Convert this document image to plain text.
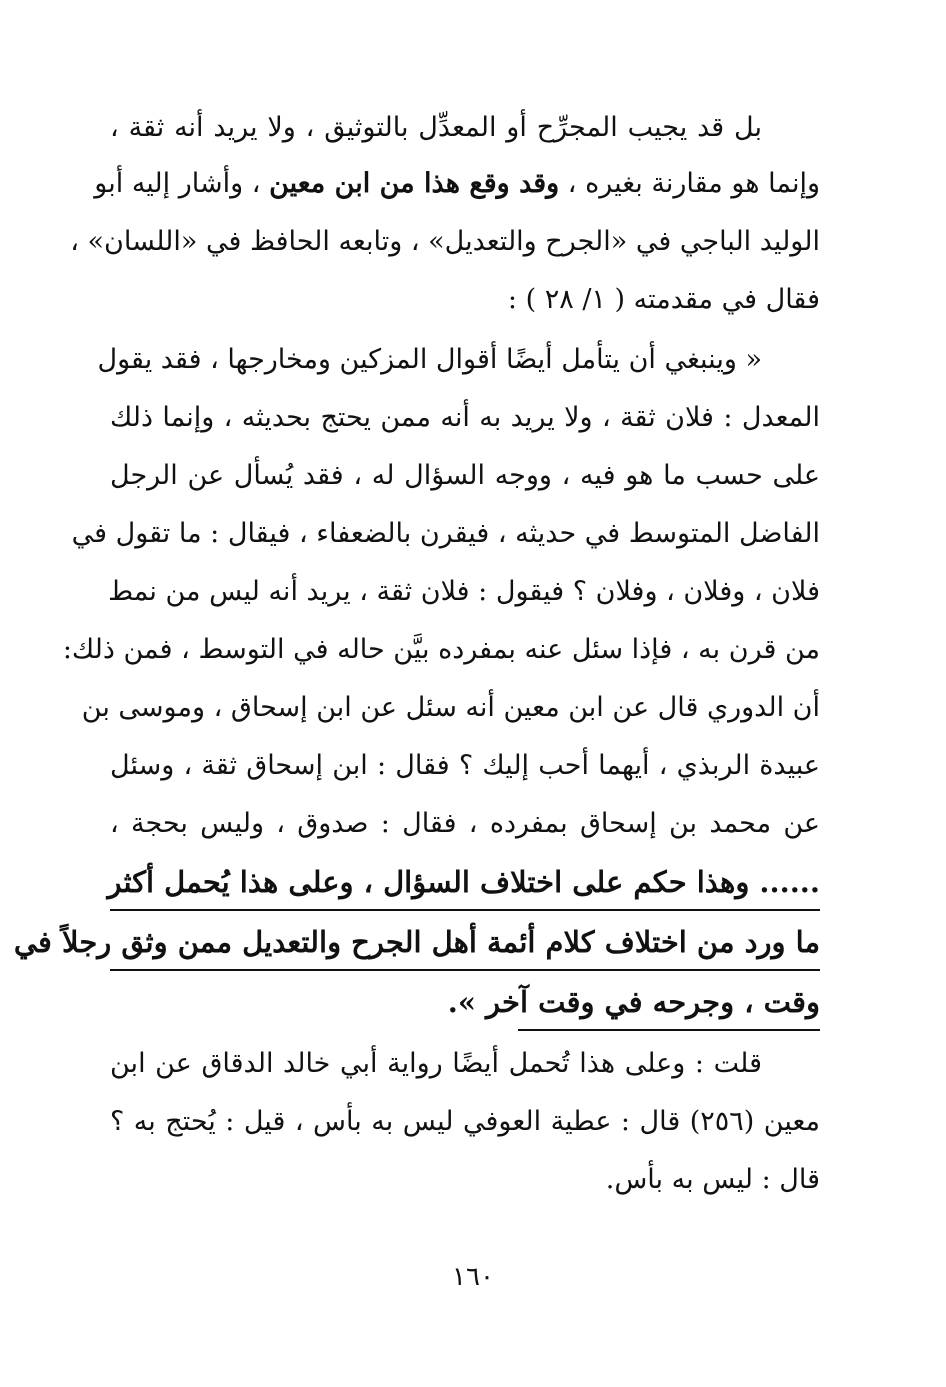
بل قد يجيب المجرِّح أو المعدِّل بالتوثيق ، ولا يريد أنه ثقة ،
وإنما هو مقارنة بغيره ، وقد وقع هذا من ابن معين ، وأشار إليه أبو
الوليد الباجي في «الجرح والتعديل» ، وتابعه الحافظ في «اللسان» ،
فقال في مقدمته ( ١/ ٢٨ ) :
« وينبغي أن يتأمل أيضًا أقوال المزكين ومخارجها ، فقد يقول
المعدل : فلان ثقة ، ولا يريد به أنه ممن يحتج بحديثه ، وإنما ذلك
على حسب ما هو فيه ، ووجه السؤال له ، فقد يُسأل عن الرجل
الفاضل المتوسط في حديثه ، فيقرن بالضعفاء ، فيقال : ما تقول في
فلان ، وفلان ، وفلان ؟ فيقول : فلان ثقة ، يريد أنه ليس من نمط
من قرن به ، فإذا سئل عنه بمفرده بيَّن حاله في التوسط ، فمن ذلك:
أن الدوري قال عن ابن معين أنه سئل عن ابن إسحاق ، وموسى بن
عبيدة الربذي ، أيهما أحب إليك ؟ فقال : ابن إسحاق ثقة ، وسئل
عن محمد بن إسحاق بمفرده ، فقال : صدوق ، وليس بحجة ،
...... وهذا حكم على اختلاف السؤال ، وعلى هذا يُحمل أكثر
ما ورد من اختلاف كلام أئمة أهل الجرح والتعديل ممن وثق رجلاً في
وقت ، وجرحه في وقت آخر ».
قلت : وعلى هذا تُحمل أيضًا رواية أبي خالد الدقاق عن ابن
معين (٢٥٦) قال : عطية العوفي ليس به بأس ، قيل : يُحتج به ؟
قال : ليس به بأس.
١٦٠
